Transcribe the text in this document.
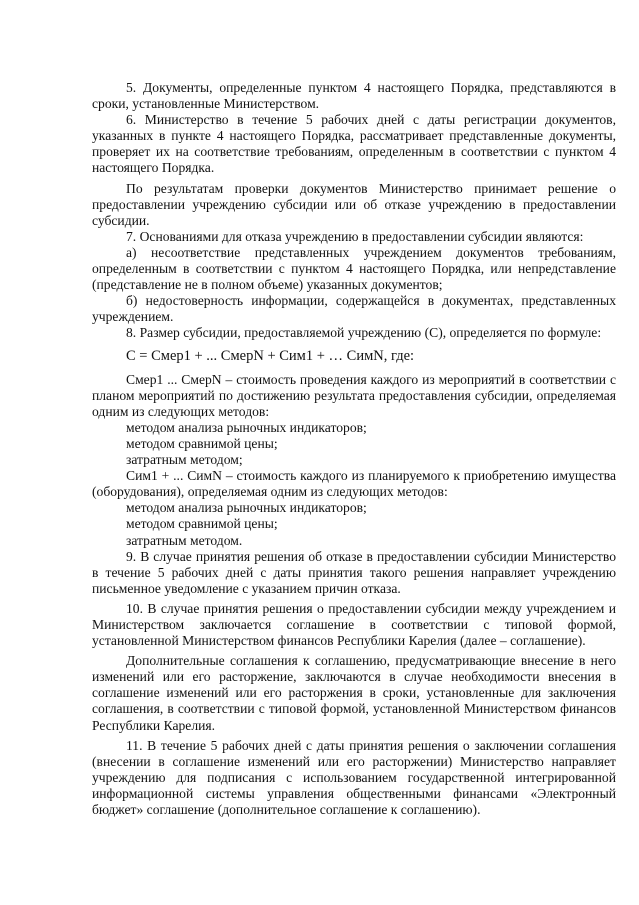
5. Документы, определенные пунктом 4 настоящего Порядка, представляются в сроки, установленные Министерством.

6. Министерство в течение 5 рабочих дней с даты регистрации документов, указанных в пункте 4 настоящего Порядка, рассматривает представленные документы, проверяет их на соответствие требованиям, определенным в соответствии с пунктом 4 настоящего Порядка.

По результатам проверки документов Министерство принимает решение о предоставлении учреждению субсидии или об отказе учреждению в предоставлении субсидии.

7. Основаниями для отказа учреждению в предоставлении субсидии являются:

а) несоответствие представленных учреждением документов требованиям, определенным в соответствии с пунктом 4 настоящего Порядка, или непредставление (представление не в полном объеме) указанных документов;

б) недостоверность информации, содержащейся в документах, представленных учреждением.

8. Размер субсидии, предоставляемой учреждению (С), определяется по формуле:

С = Смер1 + ... СмерN + Сим1 + … СимN, где:

Смер1 ... СмерN – стоимость проведения каждого из мероприятий в соответствии с планом мероприятий по достижению результата предоставления субсидии, определяемая одним из следующих методов:

методом анализа рыночных индикаторов;

методом сравнимой цены;

затратным методом;

Сим1 + ... СимN – стоимость каждого из планируемого к приобретению имущества (оборудования), определяемая одним из следующих методов:

методом анализа рыночных индикаторов;

методом сравнимой цены;

затратным методом.

9. В случае принятия решения об отказе в предоставлении субсидии Министерство в течение 5 рабочих дней с даты принятия такого решения направляет учреждению письменное уведомление с указанием причин отказа.

10. В случае принятия решения о предоставлении субсидии между учреждением и Министерством заключается соглашение в соответствии с типовой формой, установленной Министерством финансов Республики Карелия (далее – соглашение).

Дополнительные соглашения к соглашению, предусматривающие внесение в него изменений или его расторжение, заключаются в случае необходимости внесения в соглашение изменений или его расторжения в сроки, установленные для заключения соглашения, в соответствии с типовой формой, установленной Министерством финансов Республики Карелия.

11. В течение 5 рабочих дней с даты принятия решения о заключении соглашения (внесении в соглашение изменений или его расторжении) Министерство направляет учреждению для подписания с использованием государственной интегрированной информационной системы управления общественными финансами «Электронный бюджет» соглашение (дополнительное соглашение к соглашению).
